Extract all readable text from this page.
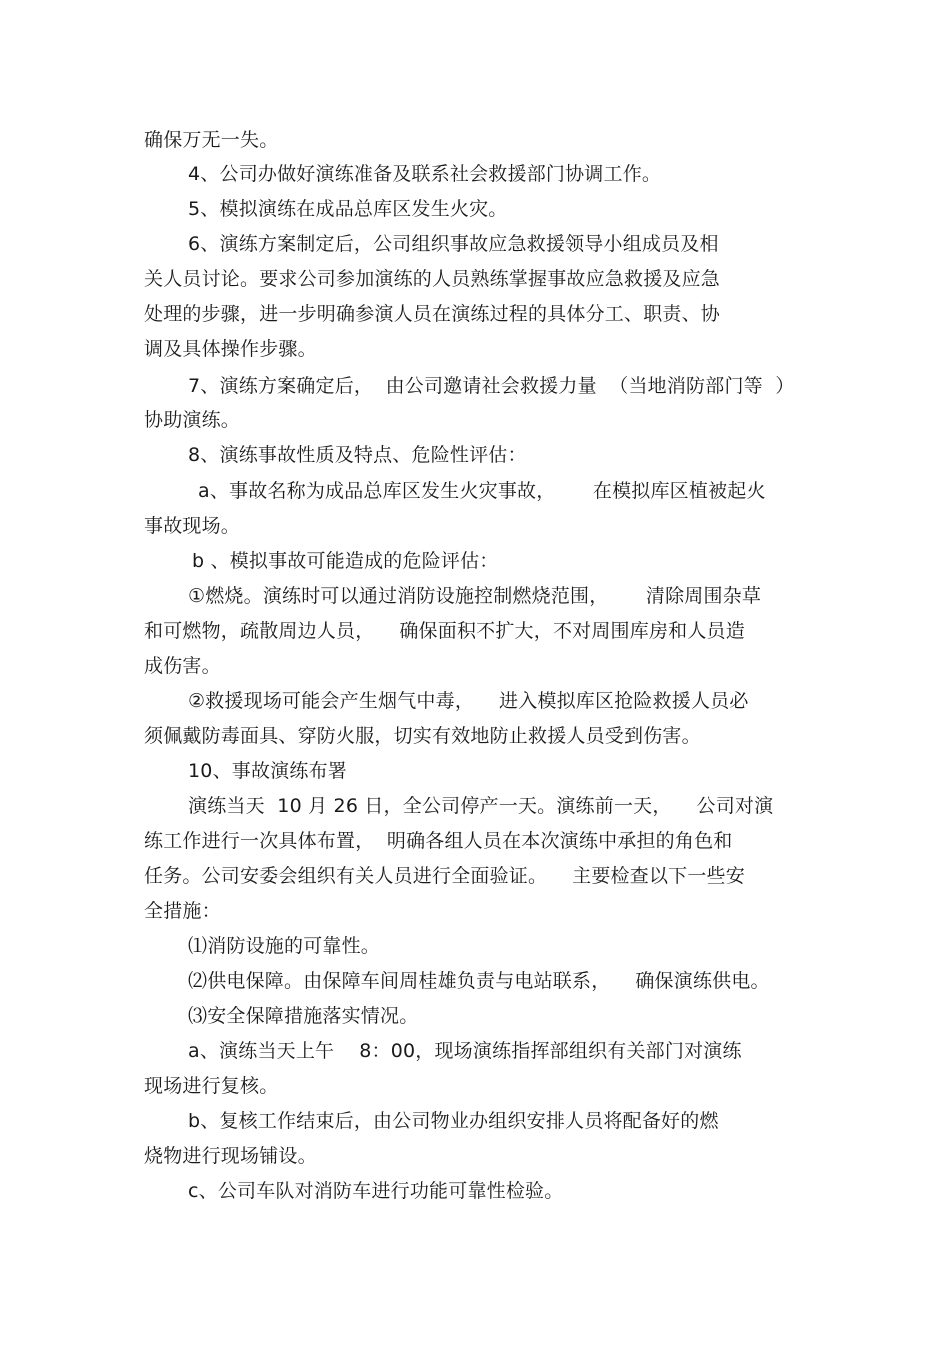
确保万无一失。
4、公司办做好演练准备及联系社会救援部门协调工作。
5、模拟演练在成品总库区发生火灾。
6、演练方案制定后，公司组织事故应急救援领导小组成员及相
关人员讨论。要求公司参加演练的人员熟练掌握事故应急救援及应急
处理的步骤，进一步明确参演人员在演练过程的具体分工、职责、协
调及具体操作步骤。
7、演练方案确定后，  由公司邀请社会救援力量  （当地消防部门等  ）
协助演练。
8、演练事故性质及特点、危险性评估：
a、事故名称为成品总库区发生火灾事故，      在模拟库区植被起火
事故现场。
b 、模拟事故可能造成的危险评估：
①燃烧。演练时可以通过消防设施控制燃烧范围，      清除周围杂草
和可燃物，疏散周边人员，    确保面积不扩大，不对周围库房和人员造
成伤害。
②救援现场可能会产生烟气中毒，    进入模拟库区抢险救援人员必
须佩戴防毒面具、穿防火服，切实有效地防止救援人员受到伤害。
10、事故演练布署
演练当天  10 月 26 日，全公司停产一天。演练前一天，    公司对演
练工作进行一次具体布置，  明确各组人员在本次演练中承担的角色和
任务。公司安委会组织有关人员进行全面验证。    主要检查以下一些安
全措施：
⑴消防设施的可靠性。
⑵供电保障。由保障车间周桂雄负责与电站联系，    确保演练供电。
⑶安全保障措施落实情况。
a、演练当天上午    8：00，现场演练指挥部组织有关部门对演练
现场进行复核。
b、复核工作结束后，由公司物业办组织安排人员将配备好的燃
烧物进行现场铺设。
c、公司车队对消防车进行功能可靠性检验。
